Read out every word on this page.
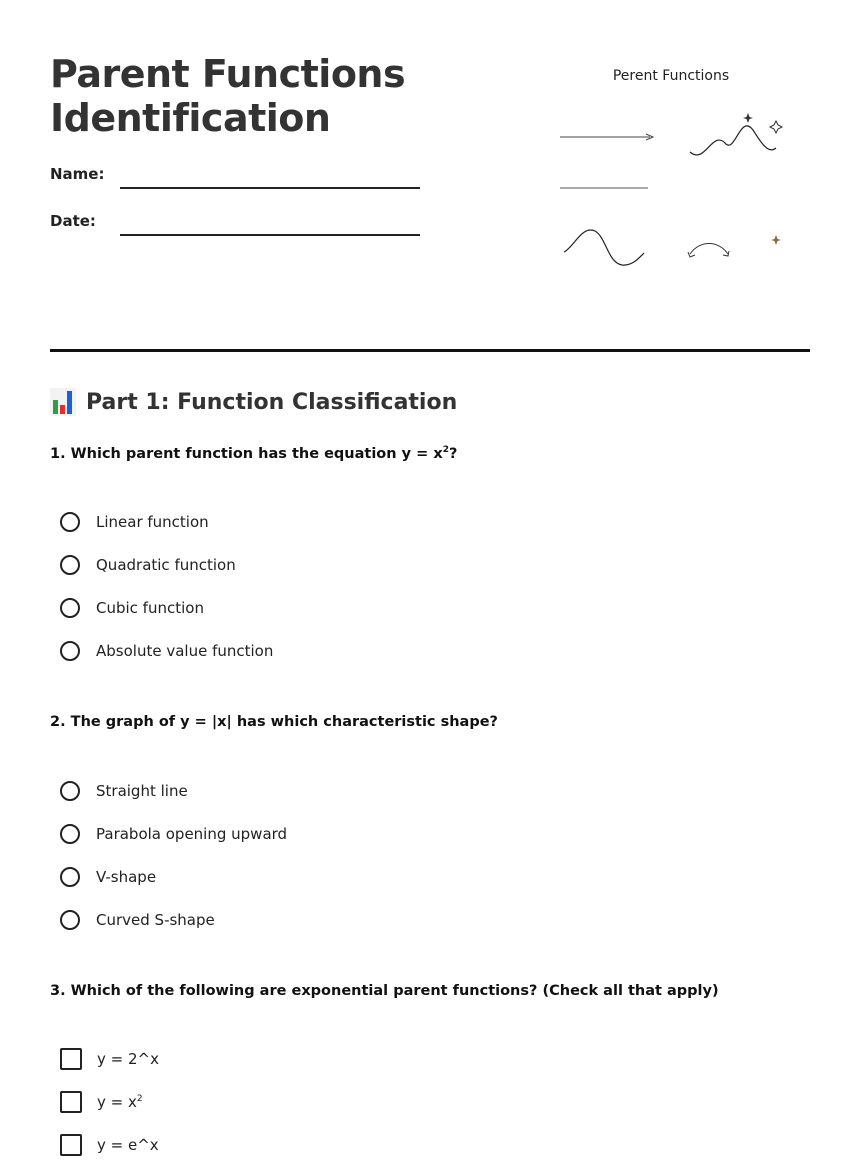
Parent Functions
Identification
Name:
Date:
Perent Functions
Part 1: Function Classification
1. Which parent function has the equation $y = x^2$?
Linear function
Quadratic function
Cubic function
Absolute value function
2. The graph of y = |x| has which characteristic shape?
Straight line
Parabola opening upward
V-shape
Curved S-shape
3. Which of the following are exponential parent functions? (Check all that apply)
y = 2^x
$y = x^2$
y = e^x
